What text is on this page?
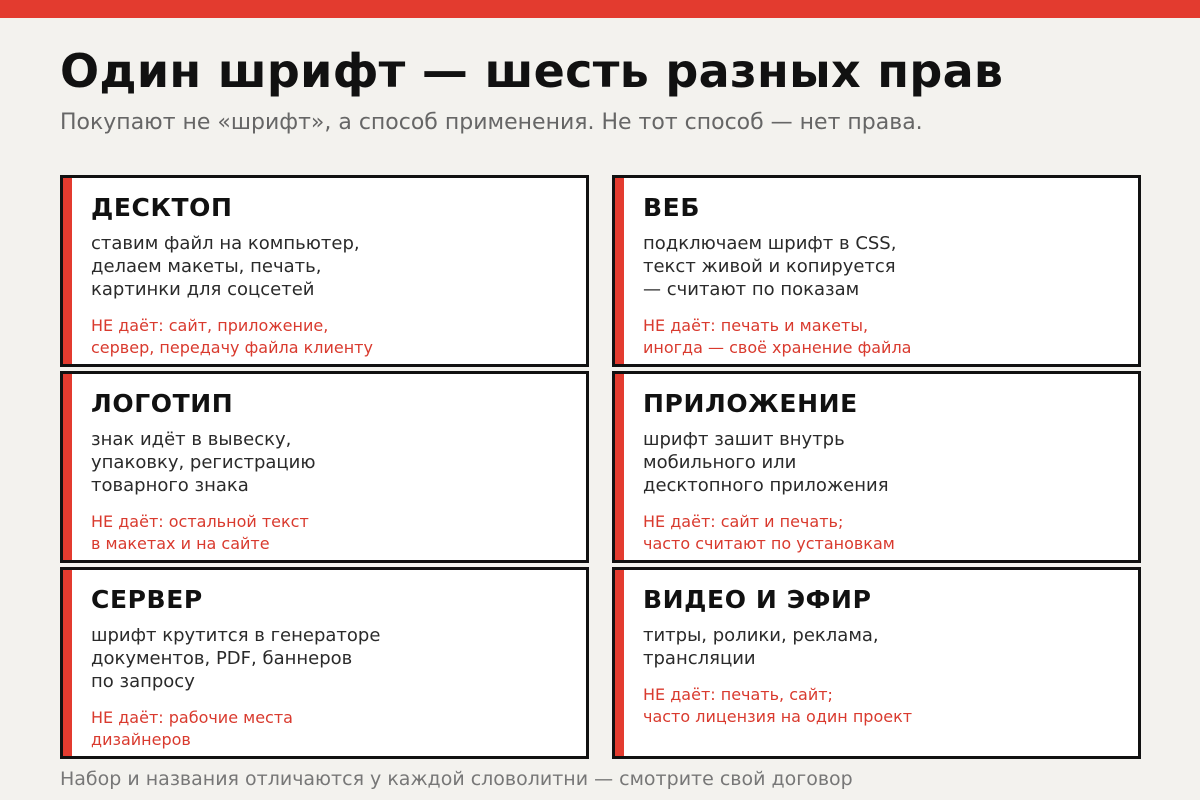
Один шрифт — шесть разных прав

Покупают не «шрифт», а способ применения. Не тот способ — нет права.

ДЕСКТОП
ставим файл на компьютер,
делаем макеты, печать,
картинки для соцсетей
НЕ даёт: сайт, приложение,
сервер, передачу файла клиенту
ВЕБ
подключаем шрифт в CSS,
текст живой и копируется
— считают по показам
НЕ даёт: печать и макеты,
иногда — своё хранение файла
ЛОГОТИП
знак идёт в вывеску,
упаковку, регистрацию
товарного знака
НЕ даёт: остальной текст
в макетах и на сайте
ПРИЛОЖЕНИЕ
шрифт зашит внутрь
мобильного или
десктопного приложения
НЕ даёт: сайт и печать;
часто считают по установкам
СЕРВЕР
шрифт крутится в генераторе
документов, PDF, баннеров
по запросу
НЕ даёт: рабочие места
дизайнеров
ВИДЕО И ЭФИР
титры, ролики, реклама,
трансляции
НЕ даёт: печать, сайт;
часто лицензия на один проект

Набор и названия отличаются у каждой словолитни — смотрите свой договор
